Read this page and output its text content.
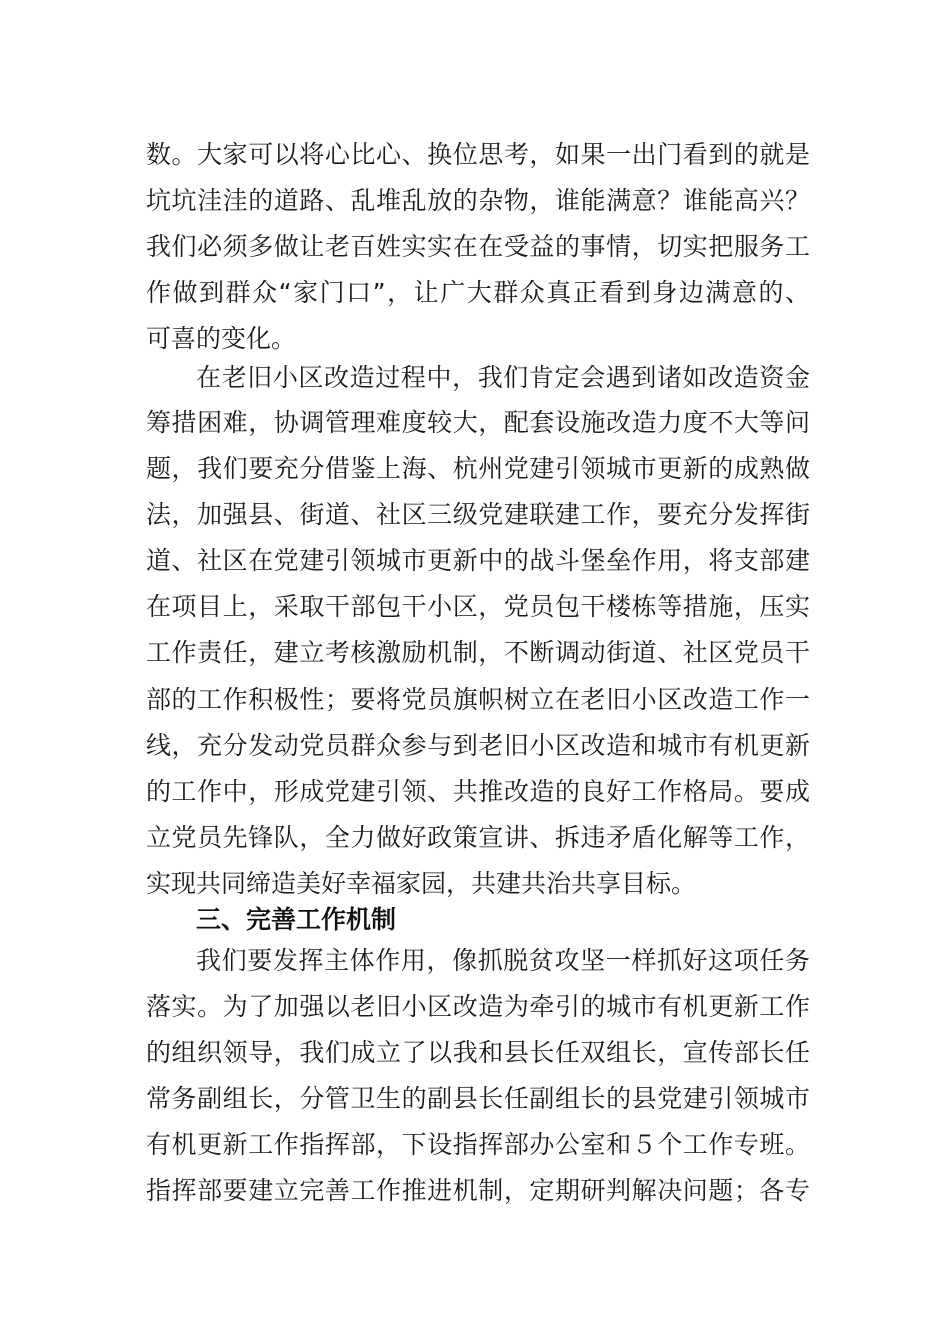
数。大家可以将心比心、换位思考，如果一出门看到的就是
坑坑洼洼的道路、乱堆乱放的杂物，谁能满意？谁能高兴？
我们必须多做让老百姓实实在在受益的事情，切实把服务工
作做到群众“家门口”，让广大群众真正看到身边满意的、
可喜的变化。
在老旧小区改造过程中，我们肯定会遇到诸如改造资金
筹措困难，协调管理难度较大，配套设施改造力度不大等问
题，我们要充分借鉴上海、杭州党建引领城市更新的成熟做
法，加强县、街道、社区三级党建联建工作，要充分发挥街
道、社区在党建引领城市更新中的战斗堡垒作用，将支部建
在项目上，采取干部包干小区，党员包干楼栋等措施，压实
工作责任，建立考核激励机制，不断调动街道、社区党员干
部的工作积极性；要将党员旗帜树立在老旧小区改造工作一
线，充分发动党员群众参与到老旧小区改造和城市有机更新
的工作中，形成党建引领、共推改造的良好工作格局。要成
立党员先锋队，全力做好政策宣讲、拆违矛盾化解等工作，
实现共同缔造美好幸福家园，共建共治共享目标。
三、完善工作机制
我们要发挥主体作用，像抓脱贫攻坚一样抓好这项任务
落实。为了加强以老旧小区改造为牵引的城市有机更新工作
的组织领导，我们成立了以我和县长任双组长，宣传部长任
常务副组长，分管卫生的副县长任副组长的县党建引领城市
有机更新工作指挥部，下设指挥部办公室和５个工作专班。
指挥部要建立完善工作推进机制，定期研判解决问题；各专
